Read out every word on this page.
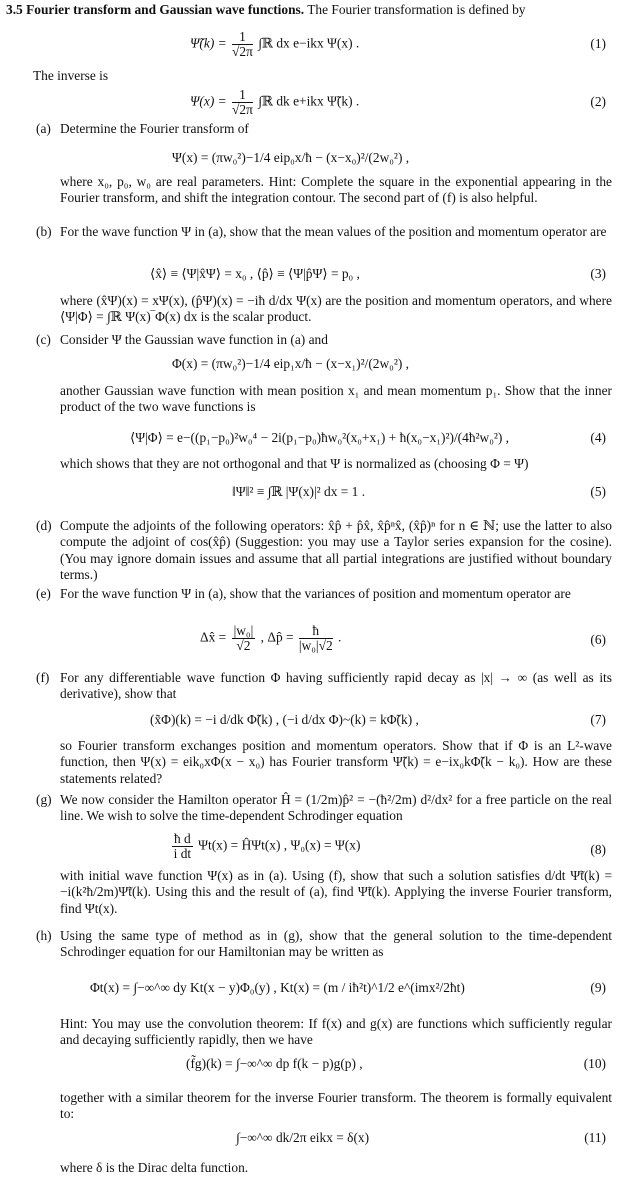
3.5 Fourier transform and Gaussian wave functions. The Fourier transformation is defined by
Ψ̃(k) = $\frac{1}{√2\pi}$ ∫ℝ dx e−ikx Ψ(x) .	(1)
The inverse is
$\Psi(x) = \frac{1}{√2\pi}$ ∫ℝ dk e+ikx Ψ̃(k) .	(2)
(a) Determine the Fourier transform of
Ψ(x) = (πw₀²)−1/4 eip₀x/ħ − (x−x₀)²/(2w₀²) ,
where x₀, p₀, w₀ are real parameters. Hint: Complete the square in the exponential appearing in the Fourier transform, and shift the integration contour. The second part of (f) is also helpful.
(b) For the wave function Ψ in (a), show that the mean values of the position and momentum operator are
⟨x̂⟩ ≡ ⟨Ψ|x̂Ψ⟩ = x₀ , ⟨p̂⟩ ≡ ⟨Ψ|p̂Ψ⟩ = p₀ ,	(3)
where (x̂Ψ)(x) = xΨ(x), (p̂Ψ)(x) = −iħ d/dx Ψ(x) are the position and momentum operators, and where ⟨Ψ|Φ⟩ = ∫ℝ Ψ(x)‾Φ(x) dx is the scalar product.
(c) Consider Ψ the Gaussian wave function in (a) and
Φ(x) = (πw₀²)−1/4 eip₁x/ħ − (x−x₁)²/(2w₀²) ,
another Gaussian wave function with mean position x₁ and mean momentum p₁. Show that the inner product of the two wave functions is
⟨Ψ|Φ⟩ = e−((p₁−p₀)²w₀⁴ − 2i(p₁−p₀)ħw₀²(x₀+x₁) + ħ(x₀−x₁)²)/(4ħ²w₀²) ,	(4)
which shows that they are not orthogonal and that Ψ is normalized as (choosing Φ = Ψ)
‖Ψ‖² ≡ ∫ℝ |Ψ(x)|² dx = 1 .	(5)
(d) Compute the adjoints of the following operators: x̂p̂ + p̂x̂, x̂p̂ⁿx̂, (x̂p̂)ⁿ for n ∈ ℕ; use the latter to also compute the adjoint of cos(x̂p̂) (Suggestion: you may use a Taylor series expansion for the cosine). (You may ignore domain issues and assume that all partial integrations are justified without boundary terms.)
(e) For the wave function Ψ in (a), show that the variances of position and momentum operator are
Δx̂ = $\frac{\text{|w₀|}}{√2}$ , Δp̂ = $\frac{ħ}{\text{|w₀|√2}}$ .	(6)
(f) For any differentiable wave function Φ having sufficiently rapid decay as |x| → ∞ (as well as its derivative), show that
(x̃Φ)(k) = −i d/dk Φ̃(k) , (−i d/dx Φ)~(k) = kΦ̃(k) ,	(7)
so Fourier transform exchanges position and momentum operators. Show that if Φ is an L²-wave function, then Ψ(x) = eik₀xΦ(x − x₀) has Fourier transform Ψ̃(k) = e−ix₀kΦ̃(k − k₀). How are these statements related?
(g) We now consider the Hamilton operator Ĥ = (1/2m)p̂² = −(ħ²/2m) d²/dx² for a free particle on the real line. We wish to solve the time-dependent Schrodinger equation
$\frac{\text{ħ d}}{\text{i dt}} \Psi t(x)$ = ĤΨt(x) , Ψ₀(x) = Ψ(x)	(8)
with initial wave function Ψ(x) as in (a). Using (f), show that such a solution satisfies d/dt Ψ̃t(k) = −i(k²ħ/2m)Ψ̃t(k). Using this and the result of (a), find Ψ̃t(k). Applying the inverse Fourier transform, find Ψt(x).
(h) Using the same type of method as in (g), show that the general solution to the time-dependent Schrodinger equation for our Hamiltonian may be written as
Φt(x) = ∫−∞^∞ dy Kt(x − y)Φ₀(y) , Kt(x) = (m / iħ²t)^1/2 e^(imx²/2ħt)	(9)
Hint: You may use the convolution theorem: If f(x) and g(x) are functions which sufficiently regular and decaying sufficiently rapidly, then we have
(f̃g)(k) = ∫−∞^∞ dp f(k − p)g(p) ,	(10)
together with a similar theorem for the inverse Fourier transform. The theorem is formally equivalent to:
∫−∞^∞ dk/2π eikx = δ(x)	(11)
where δ is the Dirac delta function.
